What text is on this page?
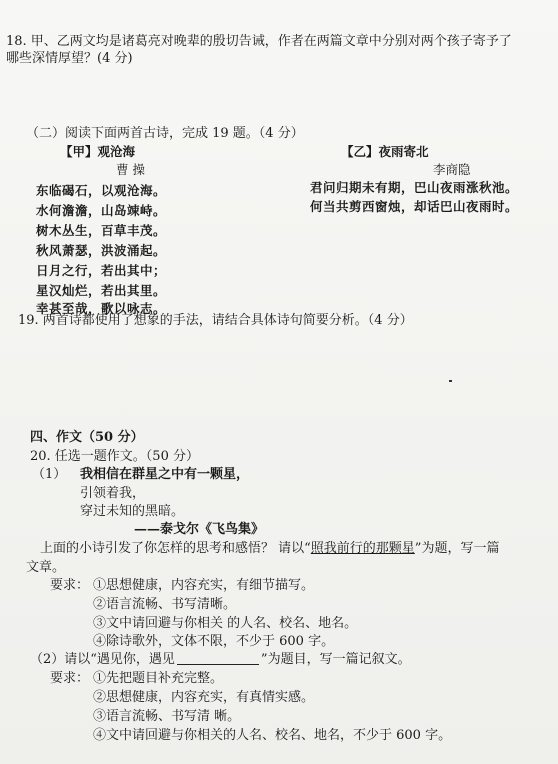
18. 甲、乙两文均是诸葛亮对晚辈的殷切告诫，作者在两篇文章中分别对两个孩子寄予了
哪些深情厚望？(4 分)
（二）阅读下面两首古诗，完成 19 题。（4 分）
【甲】观沧海
曹 操
东临碣石，以观沧海。
水何澹澹，山岛竦峙。
树木丛生，百草丰茂。
秋风萧瑟，洪波涌起。
日月之行，若出其中；
星汉灿烂，若出其里。
幸甚至哉，歌以咏志。
【乙】夜雨寄北
李商隐
君问归期未有期，巴山夜雨涨秋池。
何当共剪西窗烛，却话巴山夜雨时。
19. 两首诗都使用了想象的手法，请结合具体诗句简要分析。（4 分）
四、作文（50 分）
20. 任选一题作文。（50 分）
（1） 我相信在群星之中有一颗星，
引领着我，
穿过未知的黑暗。
——泰戈尔《飞鸟集》
上面的小诗引发了你怎样的思考和感悟？ 请以“照我前行的那颗星”为题，写一篇
文章。
要求： ①思想健康，内容充实，有细节描写。
②语言流畅、书写清晰。
③文中请回避与你相关 的人名、校名、地名。
④除诗歌外，文体不限，不少于 600 字。
（2）请以“遇见你，遇见	”为题目，写一篇记叙文。
要求： ①先把题目补充完整。
②思想健康，内容充实，有真情实感。
③语言流畅、书写清 晰。
④文中请回避与你相关的人名、校名、地名，不少于 600 字。
